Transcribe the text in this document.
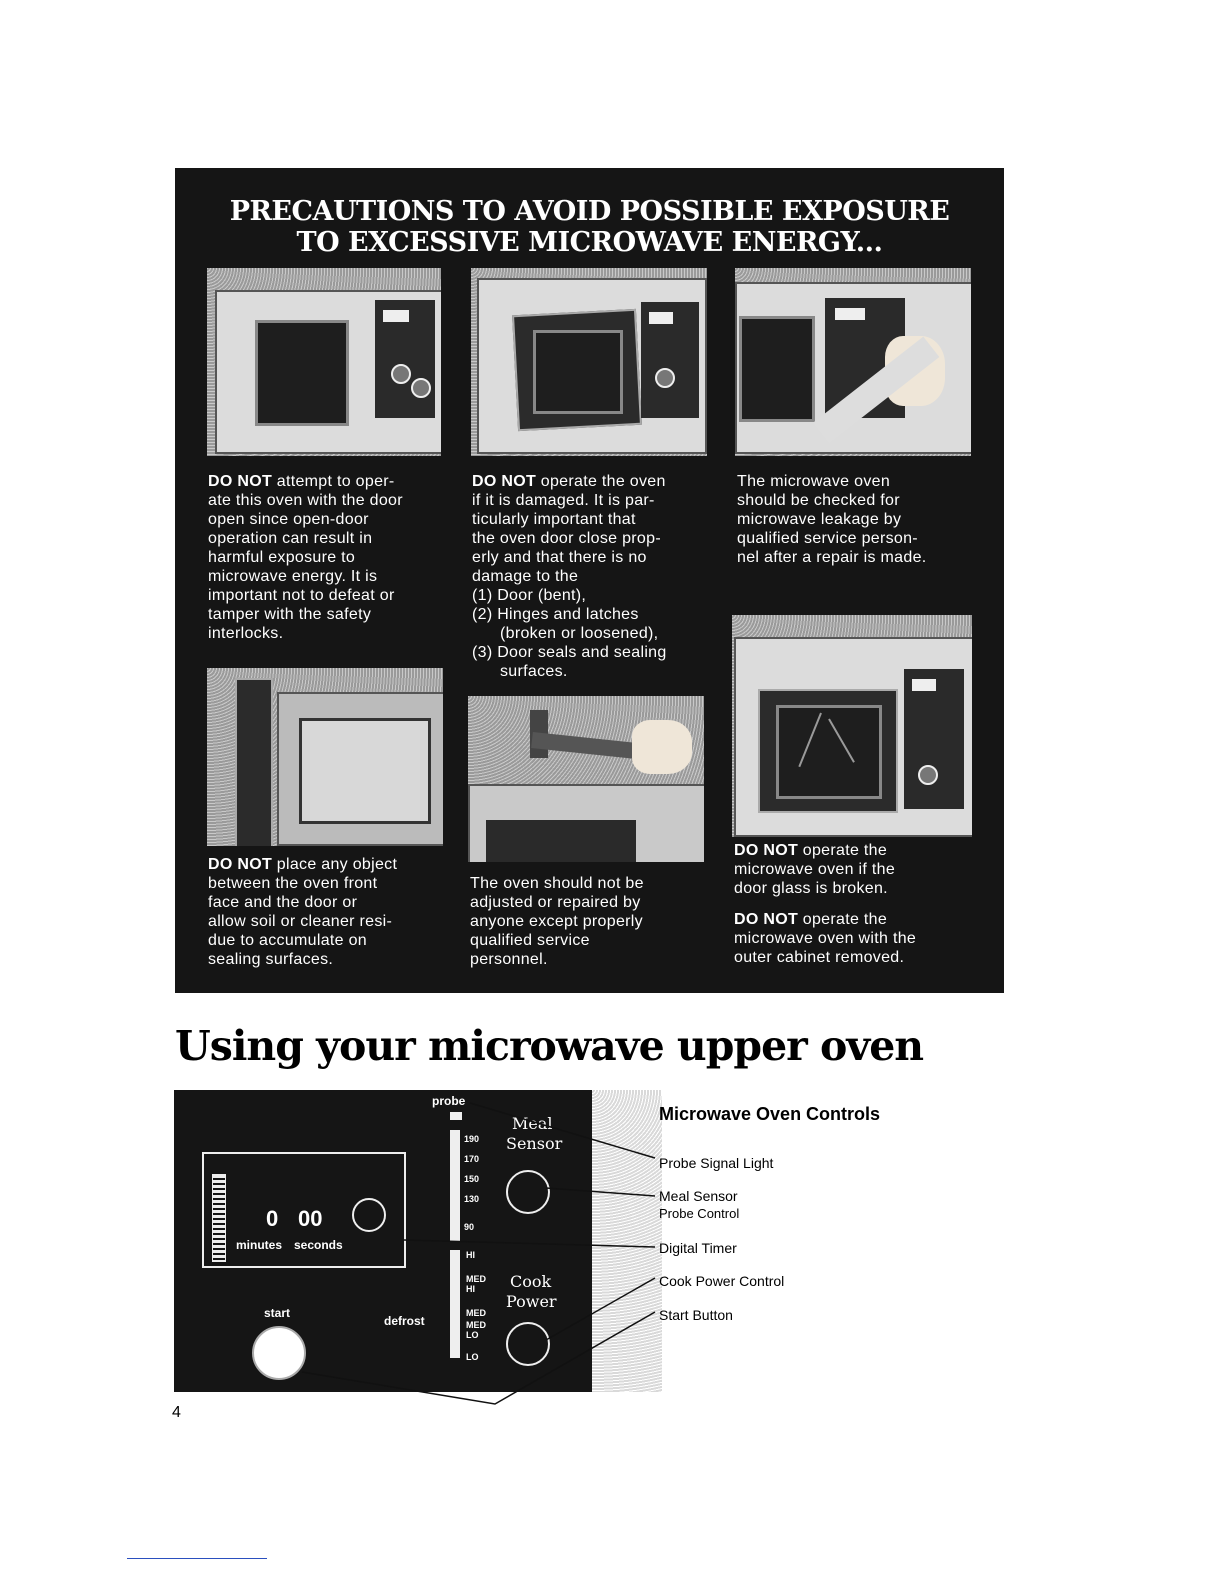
PRECAUTIONS TO AVOID POSSIBLE EXPOSURE
TO EXCESSIVE MICROWAVE ENERGY...
DO NOT attempt to oper-
ate this oven with the door
open since open-door
operation can result in
harmful exposure to
microwave energy. It is
important not to defeat or
tamper with the safety
interlocks.
DO NOT place any object
between the oven front
face and the door or
allow soil or cleaner resi-
due to accumulate on
sealing surfaces.
DO NOT operate the oven
if it is damaged. It is par-
ticularly important that
the oven door close prop-
erly and that there is no
damage to the
(1) Door (bent),
(2) Hinges and latches

(broken or loosened),
(3) Door seals and sealing

surfaces.
The oven should not be
adjusted or repaired by
anyone except properly
qualified service
personnel.
The microwave oven
should be checked for
microwave leakage by
qualified service person-
nel after a repair is made.
DO NOT operate the
microwave oven if the
door glass is broken.
DO NOT operate the
microwave oven with the
outer cabinet removed.
Using your microwave upper oven
0 00
minutes seconds
probe
190
170
150
130
90
Meal
Sensor
HI
MED
HI
MED
MED
LO
LO
Cook
Power
start
defrost
Microwave Oven Controls
Probe Signal Light
Meal Sensor
Probe Control
Digital Timer
Cook Power Control
Start Button
4
